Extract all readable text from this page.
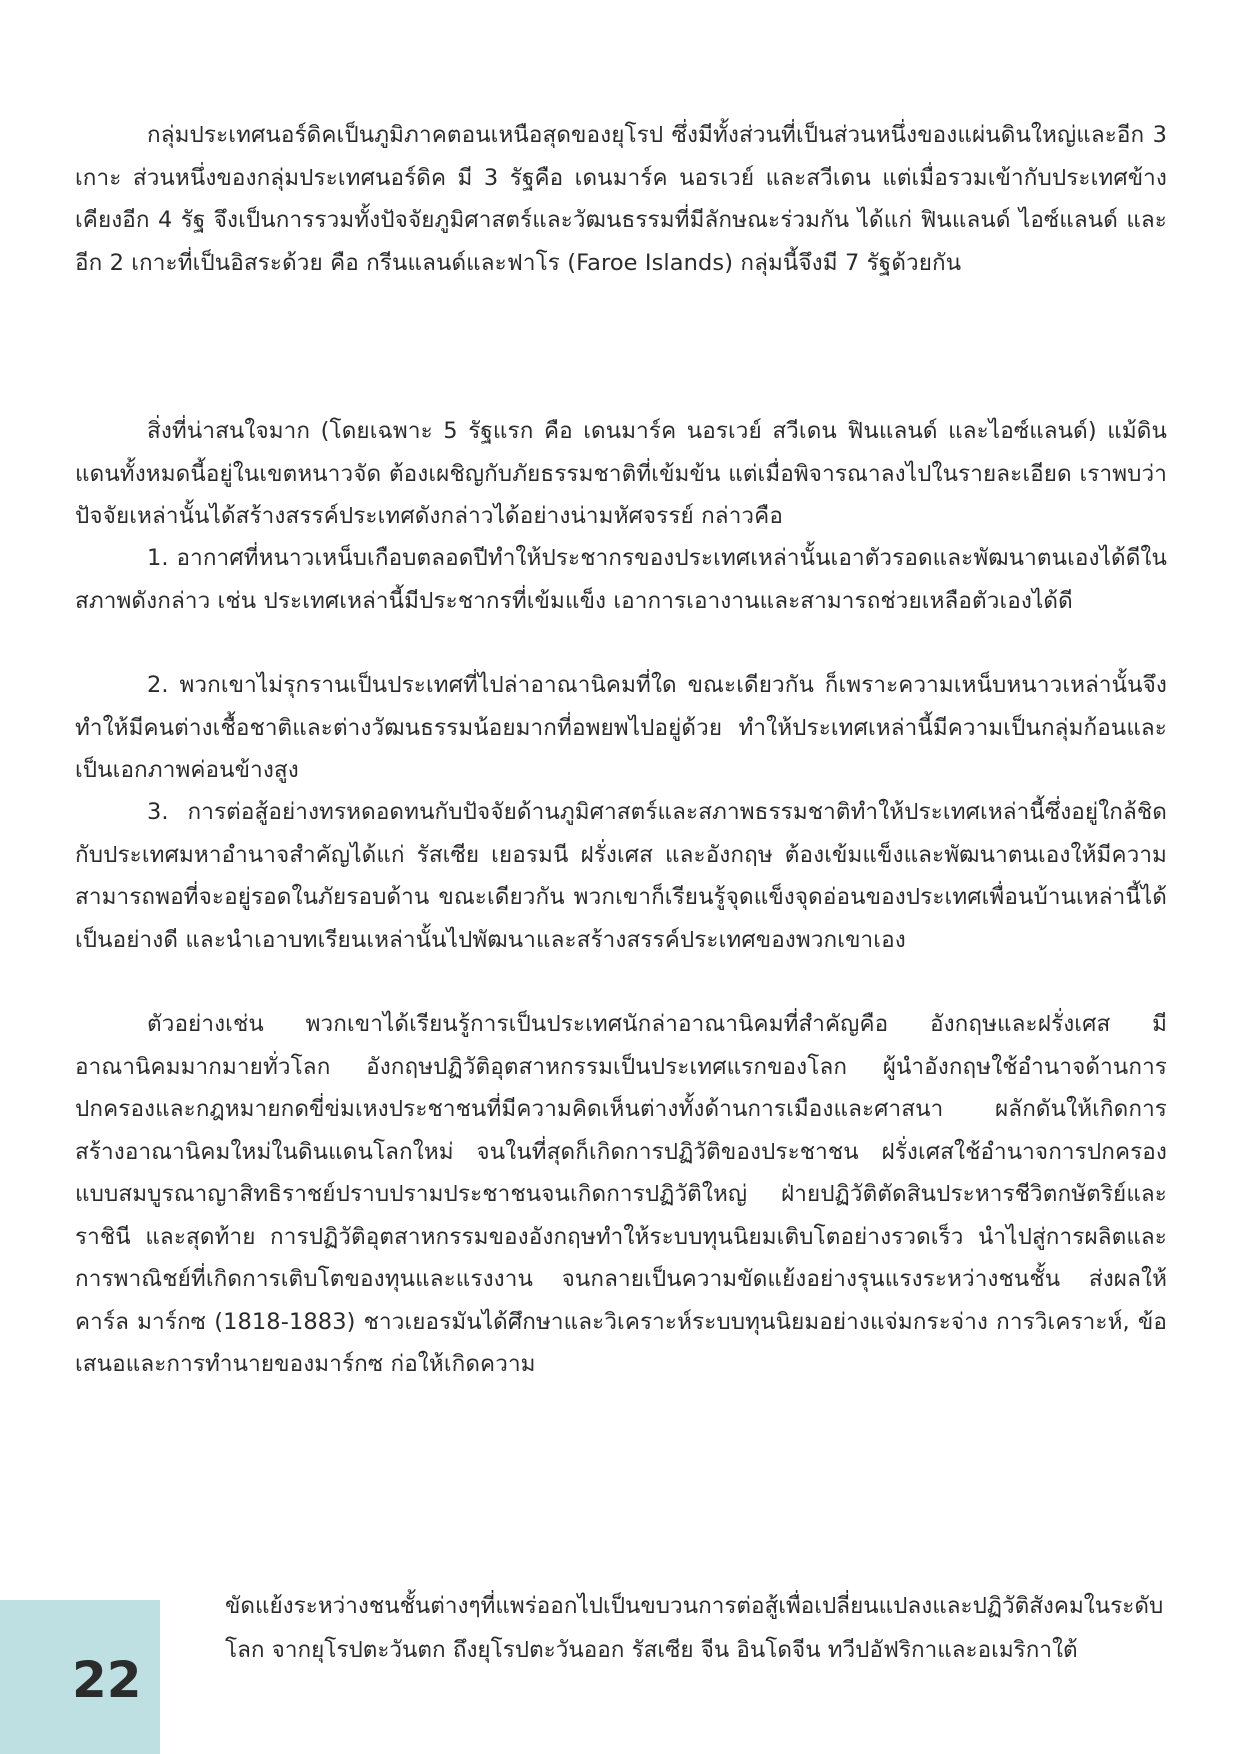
กลุ่มประเทศนอร์ดิคเป็นภูมิภาคตอนเหนือสุดของยุโรป ซึ่งมีทั้งส่วนที่เป็นส่วนหนึ่งของแผ่นดินใหญ่และอีก 3 เกาะ ส่วนหนึ่งของกลุ่มประเทศนอร์ดิค มี 3 รัฐคือ เดนมาร์ค นอรเวย์ และสวีเดน แต่เมื่อรวมเข้ากับประเทศข้างเคียงอีก 4 รัฐ จึงเป็นการรวมทั้งปัจจัยภูมิศาสตร์และวัฒนธรรมที่มีลักษณะร่วมกัน ได้แก่ ฟินแลนด์ ไอซ์แลนด์ และอีก 2 เกาะที่เป็นอิสระด้วย คือ กรีนแลนด์และฟาโร (Faroe Islands) กลุ่มนี้จึงมี 7 รัฐด้วยกัน

สิ่งที่น่าสนใจมาก (โดยเฉพาะ 5 รัฐแรก คือ เดนมาร์ค นอรเวย์ สวีเดน ฟินแลนด์ และไอซ์แลนด์) แม้ดินแดนทั้งหมดนี้อยู่ในเขตหนาวจัด ต้องเผชิญกับภัยธรรมชาติที่เข้มข้น แต่เมื่อพิจารณาลงไปในรายละเอียด เราพบว่าปัจจัยเหล่านั้นได้สร้างสรรค์ประเทศดังกล่าวได้อย่างน่ามหัศจรรย์ กล่าวคือ

1. อากาศที่หนาวเหน็บเกือบตลอดปีทำให้ประชากรของประเทศเหล่านั้นเอาตัวรอดและพัฒนาตนเองได้ดีในสภาพดังกล่าว เช่น ประเทศเหล่านี้มีประชากรที่เข้มแข็ง เอาการเอางานและสามารถช่วยเหลือตัวเองได้ดี

2. พวกเขาไม่รุกรานเป็นประเทศที่ไปล่าอาณานิคมที่ใด ขณะเดียวกัน ก็เพราะความเหน็บหนาวเหล่านั้นจึงทำให้มีคนต่างเชื้อชาติและต่างวัฒนธรรมน้อยมากที่อพยพไปอยู่ด้วย ทำให้ประเทศเหล่านี้มีความเป็นกลุ่มก้อนและเป็นเอกภาพค่อนข้างสูง

3. การต่อสู้อย่างทรหดอดทนกับปัจจัยด้านภูมิศาสตร์และสภาพธรรมชาติทำให้ประเทศเหล่านี้ซึ่งอยู่ใกล้ชิดกับประเทศมหาอำนาจสำคัญได้แก่ รัสเซีย เยอรมนี ฝรั่งเศส และอังกฤษ ต้องเข้มแข็งและพัฒนาตนเองให้มีความสามารถพอที่จะอยู่รอดในภัยรอบด้าน ขณะเดียวกัน พวกเขาก็เรียนรู้จุดแข็งจุดอ่อนของประเทศเพื่อนบ้านเหล่านี้ได้เป็นอย่างดี และนำเอาบทเรียนเหล่านั้นไปพัฒนาและสร้างสรรค์ประเทศของพวกเขาเอง

ตัวอย่างเช่น พวกเขาได้เรียนรู้การเป็นประเทศนักล่าอาณานิคมที่สำคัญคือ อังกฤษและฝรั่งเศส มีอาณานิคมมากมายทั่วโลก อังกฤษปฏิวัติอุตสาหกรรมเป็นประเทศแรกของโลก ผู้นำอังกฤษใช้อำนาจด้านการปกครองและกฎหมายกดขี่ข่มเหงประชาชนที่มีความคิดเห็นต่างทั้งด้านการเมืองและศาสนา ผลักดันให้เกิดการสร้างอาณานิคมใหม่ในดินแดนโลกใหม่ จนในที่สุดก็เกิดการปฏิวัติของประชาชน ฝรั่งเศสใช้อำนาจการปกครองแบบสมบูรณาญาสิทธิราชย์ปราบปรามประชาชนจนเกิดการปฏิวัติใหญ่ ฝ่ายปฏิวัติตัดสินประหารชีวิตกษัตริย์และราชินี และสุดท้าย การปฏิวัติอุตสาหกรรมของอังกฤษทำให้ระบบทุนนิยมเติบโตอย่างรวดเร็ว นำไปสู่การผลิตและการพาณิชย์ที่เกิดการเติบโตของทุนและแรงงาน จนกลายเป็นความขัดแย้งอย่างรุนแรงระหว่างชนชั้น ส่งผลให้คาร์ล มาร์กซ (1818-1883) ชาวเยอรมันได้ศึกษาและวิเคราะห์ระบบทุนนิยมอย่างแจ่มกระจ่าง การวิเคราะห์, ข้อเสนอและการทำนายของมาร์กซ ก่อให้เกิดความ

ขัดแย้งระหว่างชนชั้นต่างๆที่แพร่ออกไปเป็นขบวนการต่อสู้เพื่อเปลี่ยนแปลงและปฏิวัติสังคมในระดับโลก จากยุโรปตะวันตก ถึงยุโรปตะวันออก รัสเซีย จีน อินโดจีน ทวีปอัฟริกาและอเมริกาใต้

22
